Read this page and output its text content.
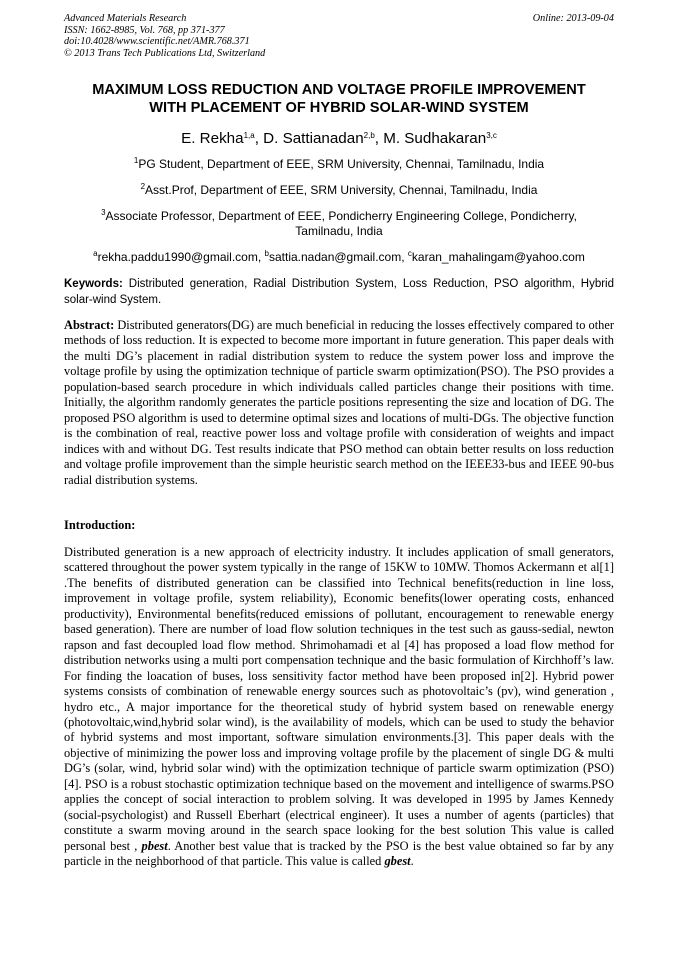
Advanced Materials Research
ISSN: 1662-8985, Vol. 768, pp 371-377
doi:10.4028/www.scientific.net/AMR.768.371
© 2013 Trans Tech Publications Ltd, Switzerland
Online: 2013-09-04
MAXIMUM LOSS REDUCTION AND VOLTAGE PROFILE IMPROVEMENT
WITH PLACEMENT OF HYBRID SOLAR-WIND SYSTEM
E. Rekha$^{1,a}$, D. Sattianadan$^{2,b}$, M. Sudhakaran$^{3,c}$
$^1$PG Student, Department of EEE, SRM University, Chennai, Tamilnadu, India
$^2$Asst.Prof, Department of EEE, SRM University, Chennai, Tamilnadu, India
$^3$Associate Professor, Department of EEE, Pondicherry Engineering College, Pondicherry,
Tamilnadu, India
$^a$rekha.paddu1990@gmail.com, $^b$sattia.nadan@gmail.com, $^c$karan_mahalingam@yahoo.com
Keywords: Distributed generation, Radial Distribution System, Loss Reduction, PSO algorithm, Hybrid solar-wind System.
Abstract: Distributed generators(DG) are much beneficial in reducing the losses effectively compared to other methods of loss reduction. It is expected to become more important in future generation. This paper deals with the multi DG’s placement in radial distribution system to reduce the system power loss and improve the voltage profile by using the optimization technique of particle swarm optimization(PSO). The PSO provides a population-based search procedure in which individuals called particles change their positions with time. Initially, the algorithm randomly generates the particle positions representing the size and location of DG. The proposed PSO algorithm is used to determine optimal sizes and locations of multi-DGs. The objective function is the combination of real, reactive power loss and voltage profile with consideration of weights and impact indices with and without DG. Test results indicate that PSO method can obtain better results on loss reduction and voltage profile improvement than the simple heuristic search method on the IEEE33-bus and IEEE 90-bus radial distribution systems.
Introduction:
Distributed generation is a new approach of electricity industry. It includes application of small generators, scattered throughout the power system typically in the range of 15KW to 10MW. Thomos Ackermann et al[1] .The benefits of distributed generation can be classified into Technical benefits(reduction in line loss, improvement in voltage profile, system reliability), Economic benefits(lower operating costs, enhanced productivity), Environmental benefits(reduced emissions of pollutant, encouragement to renewable energy based generation). There are number of load flow solution techniques in the test such as gauss-sedial, newton rapson and fast decoupled load flow method. Shrimohamadi et al [4] has proposed a load flow method for distribution networks using a multi port compensation technique and the basic formulation of Kirchhoff’s law. For finding the loacation of buses, loss sensitivity factor method have been proposed in[2]. Hybrid power systems consists of combination of renewable energy sources such as photovoltaic’s (pv), wind generation , hydro etc., A major importance for the theoretical study of hybrid system based on renewable energy (photovoltaic,wind,hybrid solar wind), is the availability of models, which can be used to study the behavior of hybrid systems and most important, software simulation environments.[3]. This paper deals with the objective of minimizing the power loss and improving voltage profile by the placement of single DG & multi DG’s (solar, wind, hybrid solar wind) with the optimization technique of particle swarm optimization (PSO)[4]. PSO is a robust stochastic optimization technique based on the movement and intelligence of swarms.PSO applies the concept of social interaction to problem solving. It was developed in 1995 by James Kennedy (social-psychologist) and Russell Eberhart (electrical engineer). It uses a number of agents (particles) that constitute a swarm moving around in the search space looking for the best solution This value is called personal best , pbest. Another best value that is tracked by the PSO is the best value obtained so far by any particle in the neighborhood of that particle. This value is called gbest.
